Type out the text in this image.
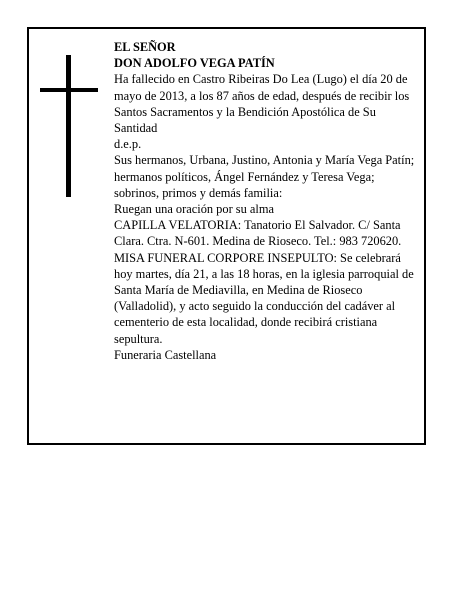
EL SEÑOR

DON ADOLFO VEGA PATÍN

Ha fallecido en Castro Ribeiras Do Lea (Lugo) el día 20 de mayo de 2013, a los 87 años de edad, después de recibir los Santos Sacramentos y la Bendición Apostólica de Su Santidad

d.e.p.

Sus hermanos, Urbana, Justino, Antonia y María Vega Patín; hermanos políticos, Ángel Fernández y Teresa Vega; sobrinos, primos y demás familia:

Ruegan una oración por su alma

CAPILLA VELATORIA: Tanatorio El Salvador. C/ Santa Clara. Ctra. N-601. Medina de Rioseco. Tel.: 983 720620.

MISA FUNERAL CORPORE INSEPULTO: Se celebrará hoy martes, día 21, a las 18 horas, en la iglesia parroquial de Santa María de Mediavilla, en Medina de Rioseco (Valladolid), y acto seguido la conducción del cadáver al cementerio de esta localidad, donde recibirá cristiana sepultura.

Funeraria Castellana
